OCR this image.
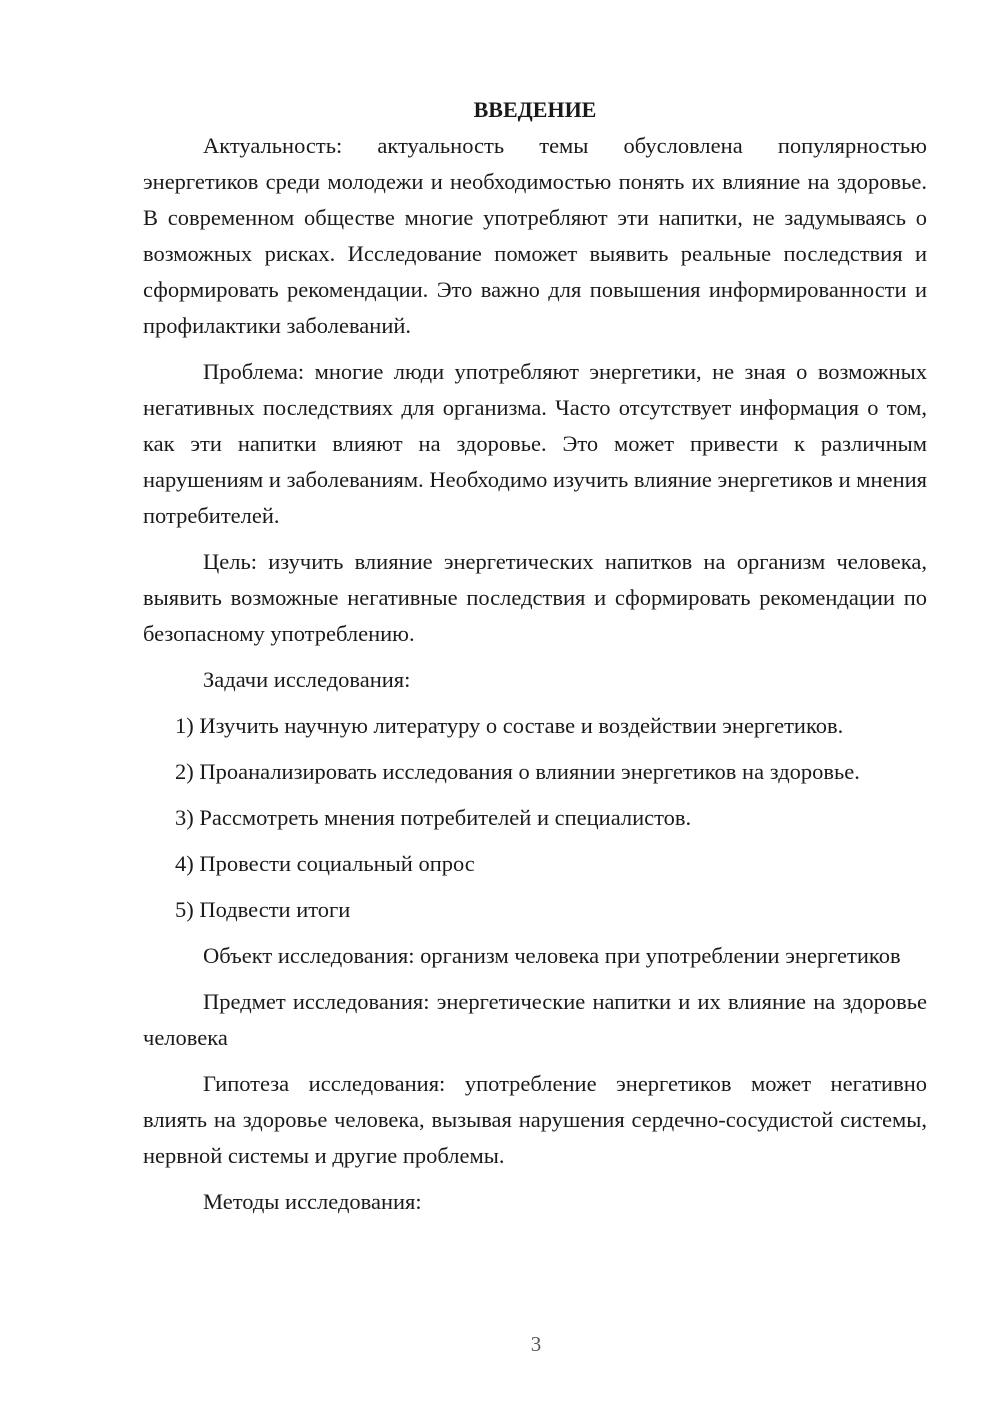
ВВЕДЕНИЕ

Актуальность: актуальность темы обусловлена популярностью энергетиков среди молодежи и необходимостью понять их влияние на здоровье. В современном обществе многие употребляют эти напитки, не задумываясь о возможных рисках. Исследование поможет выявить реальные последствия и сформировать рекомендации. Это важно для повышения информированности и профилактики заболеваний.

Проблема: многие люди употребляют энергетики, не зная о возможных негативных последствиях для организма. Часто отсутствует информация о том, как эти напитки влияют на здоровье. Это может привести к различным нарушениям и заболеваниям. Необходимо изучить влияние энергетиков и мнения потребителей.

Цель: изучить влияние энергетических напитков на организм человека, выявить возможные негативные последствия и сформировать рекомендации по безопасному употреблению.

Задачи исследования:

1) Изучить научную литературу о составе и воздействии энергетиков.

2) Проанализировать исследования о влиянии энергетиков на здоровье.

3) Рассмотреть мнения потребителей и специалистов.

4) Провести социальный опрос

5) Подвести итоги

Объект исследования: организм человека при употреблении энергетиков

Предмет исследования: энергетические напитки и их влияние на здоровье человека

Гипотеза исследования: употребление энергетиков может негативно влиять на здоровье человека, вызывая нарушения сердечно-сосудистой системы, нервной системы и другие проблемы.

Методы исследования:

3
